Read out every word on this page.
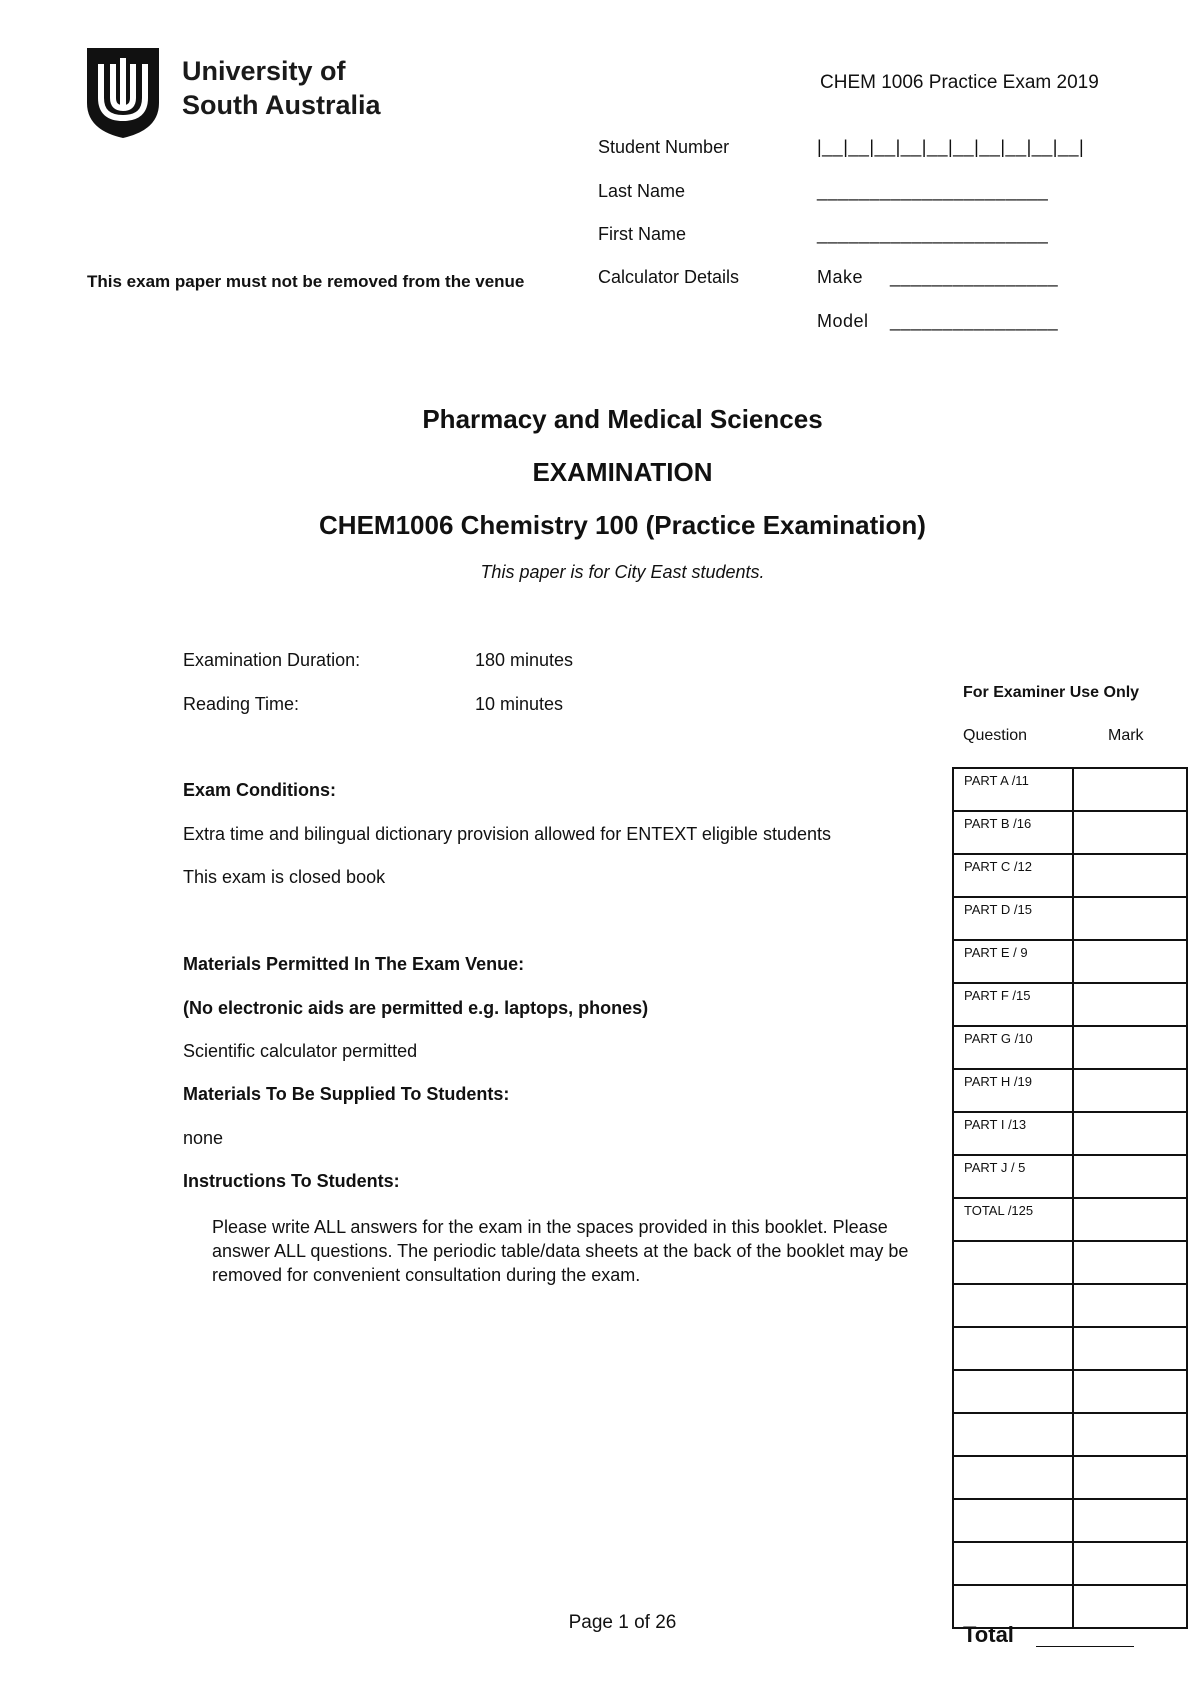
University of
South Australia
CHEM 1006 Practice Exam 2019
This exam paper must not be removed from the venue
Student Number	|__|__|__|__|__|__|__|__|__|__|
Last Name	______________________
First Name	______________________
Calculator Details	Make ________________
Model ________________
Pharmacy and Medical Sciences
EXAMINATION
CHEM1006 Chemistry 100 (Practice Examination)
This paper is for City East students.
Examination Duration:	180 minutes
Reading Time:	10 minutes
Exam Conditions:
Extra time and bilingual dictionary provision allowed for ENTEXT eligible students
This exam is closed book
Materials Permitted In The Exam Venue:
(No electronic aids are permitted e.g. laptops, phones)
Scientific calculator permitted
Materials To Be Supplied To Students:
none
Instructions To Students:
Please write ALL answers for the exam in the spaces provided in this booklet. Please answer ALL questions. The periodic table/data sheets at the back of the booklet may be removed for convenient consultation during the exam.
For Examiner Use Only
Question	Mark
PART A /11	
PART B /16	
PART C /12	
PART D /15	
PART E / 9	
PART F /15	
PART G /10	
PART H /19	
PART I /13	
PART J / 5	
TOTAL /125	

Page 1 of 26	Total
